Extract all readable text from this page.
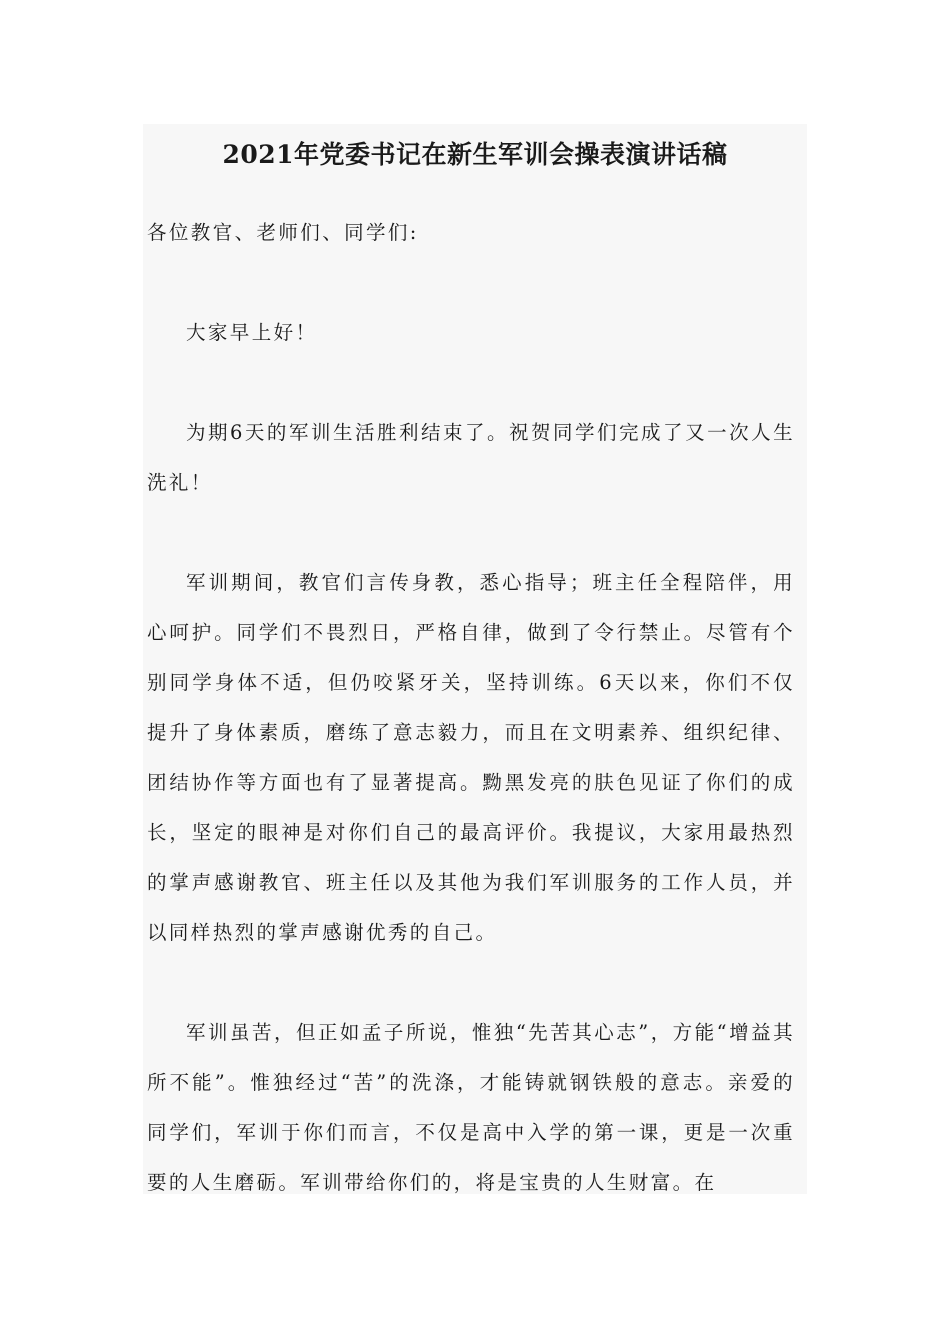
2021年党委书记在新生军训会操表演讲话稿

各位教官、老师们、同学们:

大家早上好！

为期6天的军训生活胜利结束了。祝贺同学们完成了又一次人生洗礼！

军训期间，教官们言传身教，悉心指导；班主任全程陪伴，用心呵护。同学们不畏烈日，严格自律，做到了令行禁止。尽管有个别同学身体不适，但仍咬紧牙关，坚持训练。6天以来，你们不仅提升了身体素质，磨练了意志毅力，而且在文明素养、组织纪律、团结协作等方面也有了显著提高。黝黑发亮的肤色见证了你们的成长，坚定的眼神是对你们自己的最高评价。我提议，大家用最热烈的掌声感谢教官、班主任以及其他为我们军训服务的工作人员，并以同样热烈的掌声感谢优秀的自己。

军训虽苦，但正如孟子所说，惟独“先苦其心志”，方能“增益其所不能”。惟独经过“苦”的洗涤，才能铸就钢铁般的意志。亲爱的同学们，军训于你们而言，不仅是高中入学的第一课，更是一次重要的人生磨砺。军训带给你们的，将是宝贵的人生财富。在
